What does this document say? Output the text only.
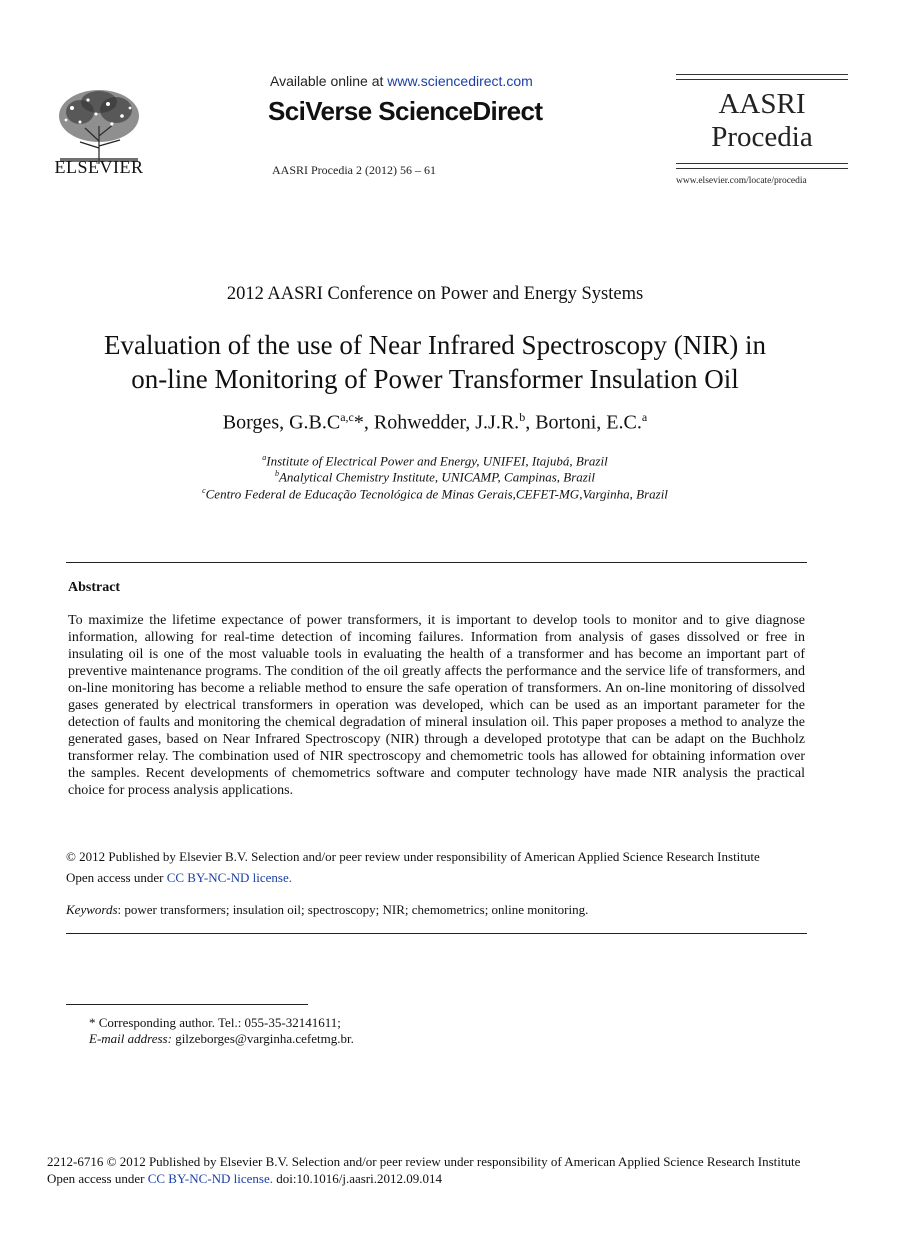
ELSEVIER
Available online at www.sciencedirect.com
SciVerse ScienceDirect
AASRI Procedia 2 (2012) 56 – 61
AASRI
Procedia
www.elsevier.com/locate/procedia
2012 AASRI Conference on Power and Energy Systems
Evaluation of the use of Near Infrared Spectroscopy (NIR) in
on-line Monitoring of Power Transformer Insulation Oil
Borges, $G.B.C^{a,c}*$, Rohwedder, J.J.R.$^b$, Bortoni, E.C.$^a$
$^a$Institute of Electrical Power and Energy, UNIFEI, Itajubá, Brazil
$^b$Analytical Chemistry Institute, UNICAMP, Campinas, Brazil
$^c$Centro Federal de Educação Tecnológica de Minas Gerais,CEFET-MG,Varginha, Brazil
Abstract
To maximize the lifetime expectance of power transformers, it is important to develop tools to monitor and to give diagnose information, allowing for real-time detection of incoming failures. Information from analysis of gases dissolved or free in insulating oil is one of the most valuable tools in evaluating the health of a transformer and has become an important part of preventive maintenance programs. The condition of the oil greatly affects the performance and the service life of transformers, and on-line monitoring has become a reliable method to ensure the safe operation of transformers. An on-line monitoring of dissolved gases generated by electrical transformers in operation was developed, which can be used as an important parameter for the detection of faults and monitoring the chemical degradation of mineral insulation oil. This paper proposes a method to analyze the generated gases, based on Near Infrared Spectroscopy (NIR) through a developed prototype that can be adapt on the Buchholz transformer relay. The combination used of NIR spectroscopy and chemometric tools has allowed for obtaining information over the samples. Recent developments of chemometrics software and computer technology have made NIR analysis the practical choice for process analysis applications.
© 2012 Published by Elsevier B.V. Selection and/or peer review under responsibility of American Applied Science Research Institute
Open access under CC BY-NC-ND license.
Keywords: power transformers; insulation oil; spectroscopy; NIR; chemometrics; online monitoring.
* Corresponding author. Tel.: 055-35-32141611;
E-mail address: gilzeborges@varginha.cefetmg.br.
2212-6716 © 2012 Published by Elsevier B.V. Selection and/or peer review under responsibility of American Applied Science Research Institute
Open access under CC BY-NC-ND license. doi:10.1016/j.aasri.2012.09.014
